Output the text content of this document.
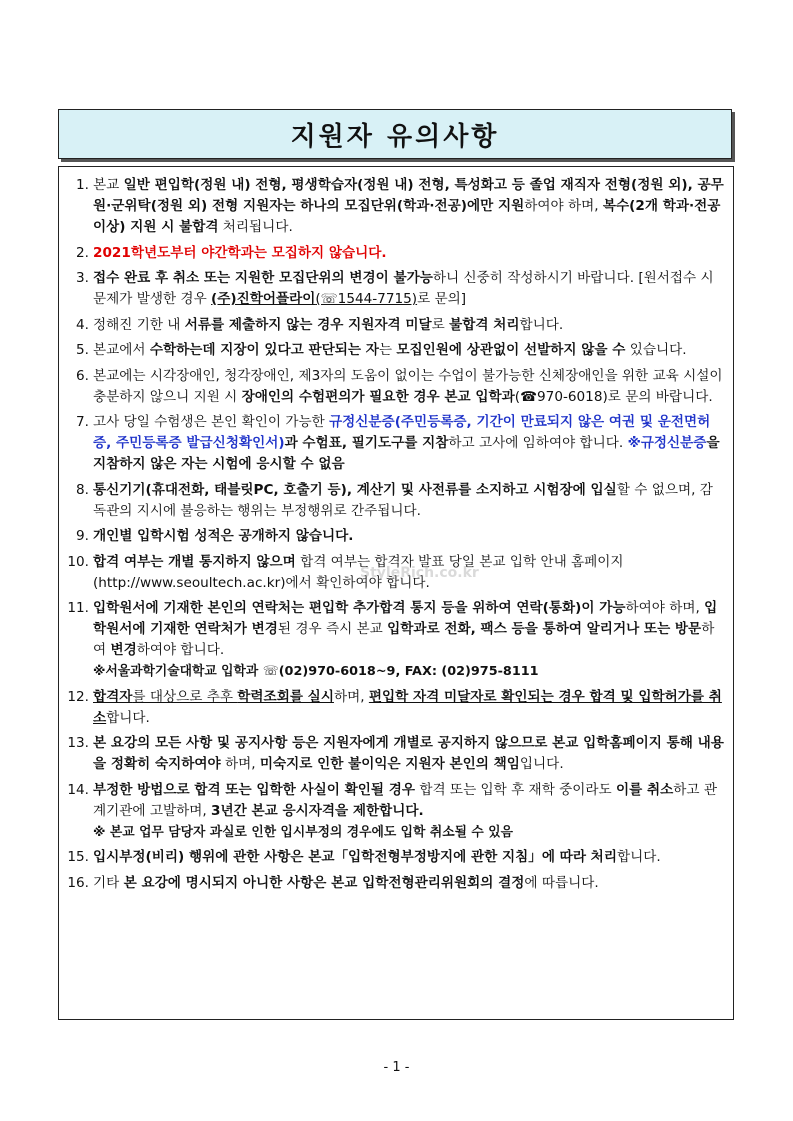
지원자 유의사항
1. 본교 일반 편입학(정원 내) 전형, 평생학습자(정원 내) 전형, 특성화고 등 졸업 재직자 전형(정원 외), 공무원·군위탁(정원 외) 전형 지원자는 하나의 모집단위(학과·전공)에만 지원하여야 하며, 복수(2개 학과·전공 이상) 지원 시 불합격 처리됩니다.
2. 2021학년도부터 야간학과는 모집하지 않습니다.
3. 접수 완료 후 취소 또는 지원한 모집단위의 변경이 불가능하니 신중히 작성하시기 바랍니다. [원서접수 시 문제가 발생한 경우 (주)진학어플라이(☏1544-7715)로 문의]
4. 정해진 기한 내 서류를 제출하지 않는 경우 지원자격 미달로 불합격 처리합니다.
5. 본교에서 수학하는데 지장이 있다고 판단되는 자는 모집인원에 상관없이 선발하지 않을 수 있습니다.
6. 본교에는 시각장애인, 청각장애인, 제3자의 도움이 없이는 수업이 불가능한 신체장애인을 위한 교육 시설이 충분하지 않으니 지원 시 장애인의 수험편의가 필요한 경우 본교 입학과(☎970-6018)로 문의 바랍니다.
7. 고사 당일 수험생은 본인 확인이 가능한 규정신분증(주민등록증, 기간이 만료되지 않은 여권 및 운전면허증, 주민등록증 발급신청확인서)과 수험표, 필기도구를 지참하고 고사에 임하여야 합니다. ※규정신분증을 지참하지 않은 자는 시험에 응시할 수 없음
8. 통신기기(휴대전화, 태블릿PC, 호출기 등), 계산기 및 사전류를 소지하고 시험장에 입실할 수 없으며, 감독관의 지시에 불응하는 행위는 부정행위로 간주됩니다.
9. 개인별 입학시험 성적은 공개하지 않습니다.
10. 합격 여부는 개별 통지하지 않으며 합격 여부는 합격자 발표 당일 본교 입학 안내 홈페이지(http://www.seoultech.ac.kr)에서 확인하여야 합니다.
11. 입학원서에 기재한 본인의 연락처는 편입학 추가합격 통지 등을 위하여 연락(통화)이 가능하여야 하며, 입학원서에 기재한 연락처가 변경된 경우 즉시 본교 입학과로 전화, 팩스 등을 통하여 알리거나 또는 방문하여 변경하여야 합니다.
※서울과학기술대학교 입학과 ☏(02)970-6018~9, FAX: (02)975-8111
12. 합격자를 대상으로 추후 학력조회를 실시하며, 편입학 자격 미달자로 확인되는 경우 합격 및 입학허가를 취소합니다.
13. 본 요강의 모든 사항 및 공지사항 등은 지원자에게 개별로 공지하지 않으므로 본교 입학홈페이지 통해 내용을 정확히 숙지하여야 하며, 미숙지로 인한 불이익은 지원자 본인의 책임입니다.
14. 부정한 방법으로 합격 또는 입학한 사실이 확인될 경우 합격 또는 입학 후 재학 중이라도 이를 취소하고 관계기관에 고발하며, 3년간 본교 응시자격을 제한합니다.
※ 본교 업무 담당자 과실로 인한 입시부정의 경우에도 입학 취소될 수 있음
15. 입시부정(비리) 행위에 관한 사항은 본교「입학전형부정방지에 관한 지침」에 따라 처리합니다.
16. 기타 본 요강에 명시되지 아니한 사항은 본교 입학전형관리위원회의 결정에 따릅니다.
StyleRich.co.kr
- 1 -
